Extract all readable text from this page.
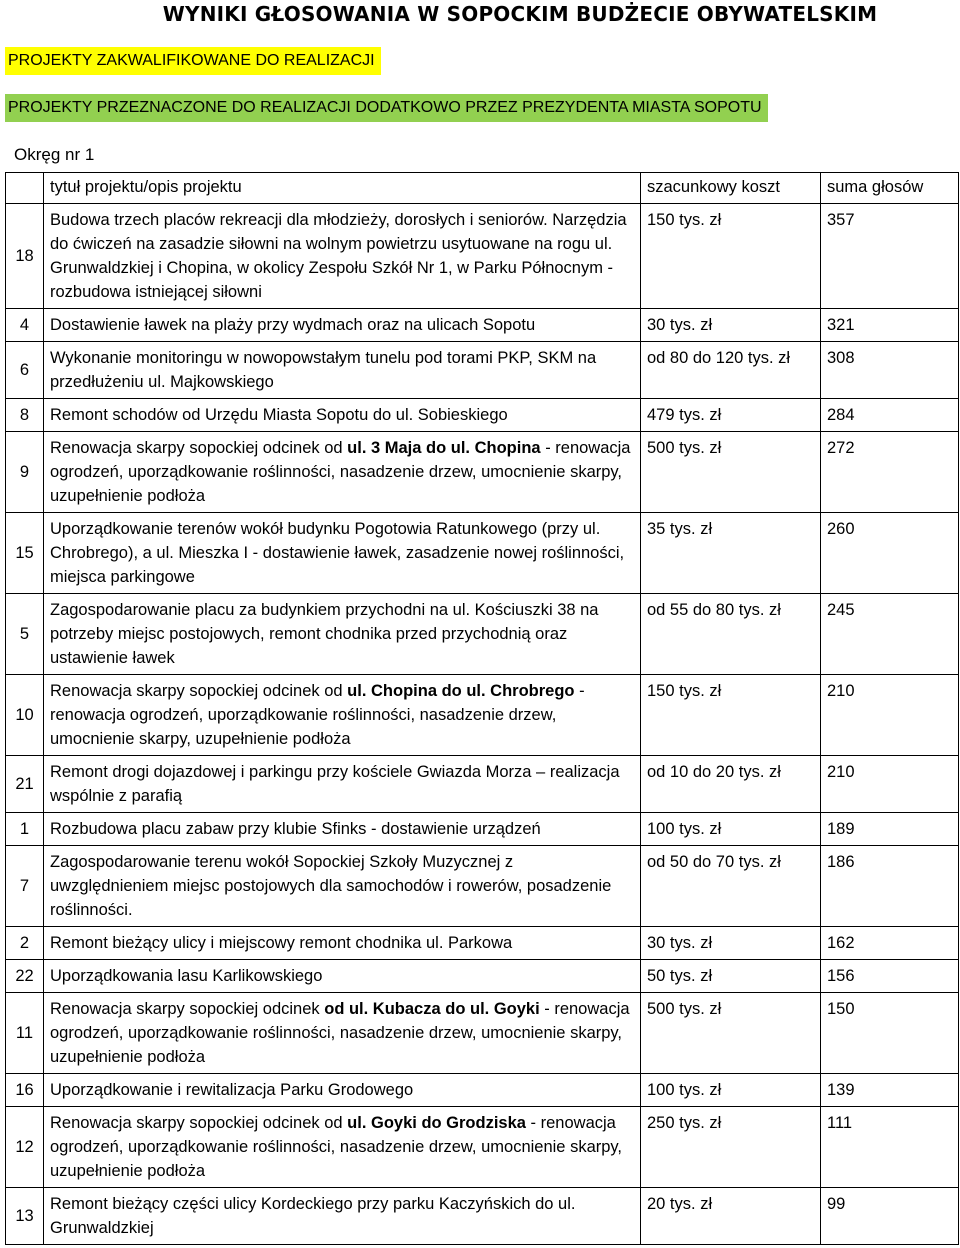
WYNIKI GŁOSOWANIA W SOPOCKIM BUDŻECIE OBYWATELSKIM
PROJEKTY ZAKWALIFIKOWANE DO REALIZACJI
PROJEKTY PRZEZNACZONE DO REALIZACJI DODATKOWO PRZEZ PREZYDENTA MIASTA SOPOTU
Okręg nr 1
	tytuł projektu/opis projektu	szacunkowy koszt	suma głosów
18	Budowa trzech placów rekreacji dla młodzieży, dorosłych i seniorów. Narzędzia do ćwiczeń na zasadzie siłowni na wolnym powietrzu usytuowane na rogu ul. Grunwaldzkiej i Chopina, w okolicy Zespołu Szkół Nr 1, w Parku Północnym - rozbudowa istniejącej siłowni	150 tys. zł	357
4	Dostawienie ławek na plaży przy wydmach oraz na ulicach Sopotu	30 tys. zł	321
6	Wykonanie monitoringu w nowopowstałym tunelu pod torami PKP, SKM na przedłużeniu ul. Majkowskiego	od 80 do 120 tys. zł	308
8	Remont schodów od Urzędu Miasta Sopotu do ul. Sobieskiego	479 tys. zł	284
9	Renowacja skarpy sopockiej odcinek od ul. 3 Maja do ul. Chopina - renowacja ogrodzeń, uporządkowanie roślinności, nasadzenie drzew, umocnienie skarpy, uzupełnienie podłoża	500 tys. zł	272
15	Uporządkowanie terenów wokół budynku Pogotowia Ratunkowego (przy ul. Chrobrego), a ul. Mieszka I - dostawienie ławek, zasadzenie nowej roślinności, miejsca parkingowe	35 tys. zł	260
5	Zagospodarowanie placu za budynkiem przychodni na ul. Kościuszki 38 na potrzeby miejsc postojowych, remont chodnika przed przychodnią oraz ustawienie ławek	od 55 do 80 tys. zł	245
10	Renowacja skarpy sopockiej odcinek od ul. Chopina do ul. Chrobrego - renowacja ogrodzeń, uporządkowanie roślinności, nasadzenie drzew, umocnienie skarpy, uzupełnienie podłoża	150 tys. zł	210
21	Remont drogi dojazdowej i parkingu przy kościele Gwiazda Morza – realizacja wspólnie z parafią	od 10 do 20 tys. zł	210
1	Rozbudowa placu zabaw przy klubie Sfinks - dostawienie urządzeń	100 tys. zł	189
7	Zagospodarowanie terenu wokół Sopockiej Szkoły Muzycznej z uwzględnieniem miejsc postojowych dla samochodów i rowerów, posadzenie roślinności.	od 50 do 70 tys. zł	186
2	Remont bieżący ulicy i miejscowy remont chodnika ul. Parkowa	30 tys. zł	162
22	Uporządkowania lasu Karlikowskiego	50 tys. zł	156
11	Renowacja skarpy sopockiej odcinek od ul. Kubacza do ul. Goyki - renowacja ogrodzeń, uporządkowanie roślinności, nasadzenie drzew, umocnienie skarpy, uzupełnienie podłoża	500 tys. zł	150
16	Uporządkowanie i rewitalizacja Parku Grodowego	100 tys. zł	139
12	Renowacja skarpy sopockiej odcinek od ul. Goyki do Grodziska - renowacja ogrodzeń, uporządkowanie roślinności, nasadzenie drzew, umocnienie skarpy, uzupełnienie podłoża	250 tys. zł	111
13	Remont bieżący części ulicy Kordeckiego przy parku Kaczyńskich do ul. Grunwaldzkiej	20 tys. zł	99
